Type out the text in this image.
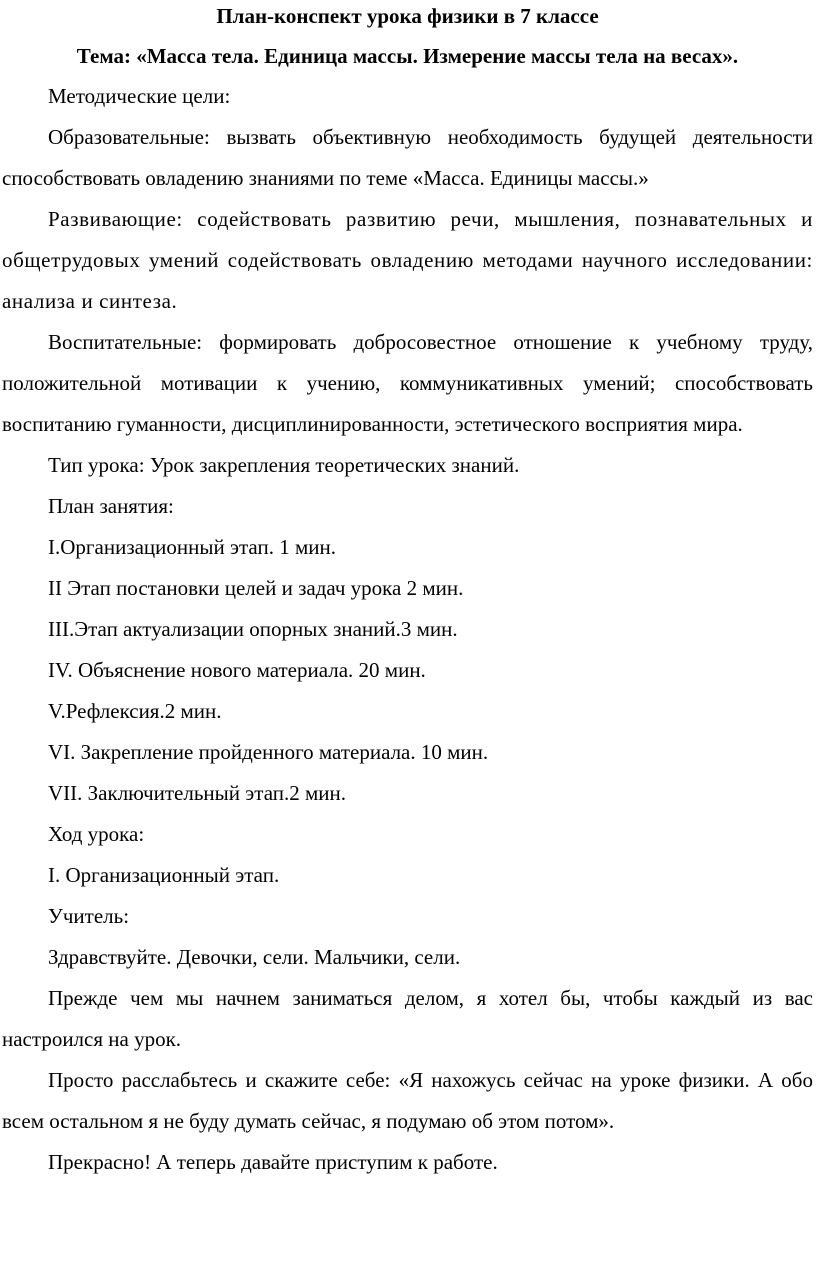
План-конспект урока физики в 7 классе

Тема: «Масса тела. Единица массы. Измерение массы тела на весах».

Методические цели:

Образовательные: вызвать объективную необходимость будущей деятельности способствовать овладению знаниями по теме «Масса. Единицы массы.»

Развивающие: содействовать развитию речи, мышления, познавательных и общетрудовых умений содействовать овладению методами научного исследовании: анализа и синтеза.

Воспитательные: формировать добросовестное отношение к учебному труду, положительной мотивации к учению, коммуникативных умений; способствовать воспитанию гуманности, дисциплинированности, эстетического восприятия мира.

Тип урока: Урок закрепления теоретических знаний.

План занятия:

I.Организационный этап. 1 мин.

II Этап постановки целей и задач урока 2 мин.

III.Этап актуализации опорных знаний.3 мин.

IV. Объяснение нового материала. 20 мин.

V.Рефлексия.2 мин.

VI. Закрепление пройденного материала. 10 мин.

VII. Заключительный этап.2 мин.

Ход урока:

I. Организационный этап.

Учитель:

Здравствуйте. Девочки, сели. Мальчики, сели.

Прежде чем мы начнем заниматься делом, я хотел бы, чтобы каждый из вас настроился на урок.

Просто расслабьтесь и скажите себе: «Я нахожусь сейчас на уроке физики. А обо всем остальном я не буду думать сейчас, я подумаю об этом потом».

Прекрасно! А теперь давайте приступим к работе.
